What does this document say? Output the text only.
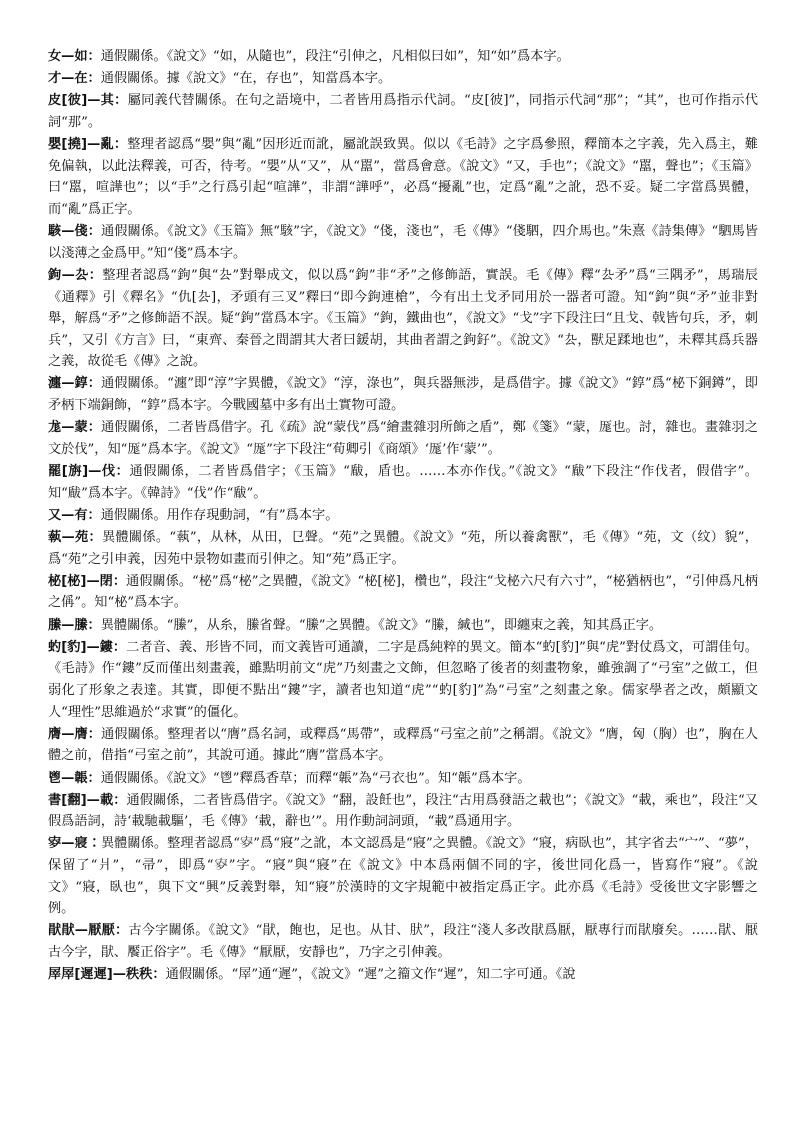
女—如：通假關係。《說文》“如，从隨也”，段注“引伸之，凡相似曰如”，知“如”爲本字。

才—在：通假關係。據《說文》“在，存也”，知當爲本字。

皮[彼]—其：屬同義代替關係。在句之語境中，二者皆用爲指示代詞。“皮[彼]”，同指示代詞“那”；“其”，也可作指示代詞“那”。

嬰[撓]—亂：整理者認爲“嬰”與“亂”因形近而訛，屬訛誤致異。似以《毛詩》之字爲參照，釋簡本之字義，先入爲主，難免偏執，以此法釋義，可否，待考。“嬰”从“又”，从“嚚”，當爲會意。《說文》“又，手也”；《說文》“嚚，聲也”；《玉篇》曰“嚚，喧譁也”；以“手”之行爲引起“喧譁”，非謂“譁呼”，必爲“擾亂”也，定爲“亂”之訛，恐不妥。疑二字當爲異體，而“亂”爲正字。

駭—俴：通假關係。《說文》《玉篇》無“駭”字，《說文》“俴，淺也”，毛《傳》“俴駟，四介馬也。”朱熹《詩集傳》“駟馬皆以淺薄之金爲甲。”知“俴”爲本字。

鉤—厹：整理者認爲“鉤”與“厹”對舉成文，似以爲“鉤”非“矛”之修飾語，實誤。毛《傳》釋“厹矛”爲“三隅矛”，馬瑞辰《通釋》引《釋名》“仇[厹]，矛頭有三叉”釋曰“即今鉤連槍”，今有出土戈矛同用於一器者可證。知“鉤”與“矛”並非對舉，解爲“矛”之修飾語不誤。疑“鉤”當爲本字。《玉篇》“鉤，鐵曲也”，《說文》“戈”字下段注曰“且戈、戟皆句兵，矛，刺兵”，又引《方言》曰，“東齊、秦晉之間謂其大者曰鍰胡，其曲者謂之鉤釨”。《說文》“厹，獸足蹂地也”，未釋其爲兵器之義，故從毛《傳》之說。

瀍—錞：通假關係。“瀍”即“淳”字異體，《說文》“淳，淥也”，與兵器無涉，是爲借字。據《說文》“錞”爲“柲下銅鐏”，即矛柄下端銅飾，“錞”爲本字。今戰國墓中多有出土實物可證。

尨—蒙：通假關係，二者皆爲借字。孔《疏》說“蒙伐”爲“繪畫雜羽所飾之盾”，鄭《箋》“蒙，厖也。討，雜也。畫雜羽之文於伐”，知“厖”爲本字。《說文》“厖”字下段注“荀卿引《商頌》‘厖’作‘蒙’”。

罷[旃]—伐：通假關係，二者皆爲借字；《玉篇》“瞂，盾也。……本亦作伐。”《說文》“瞂”下段注“作伐者，假借字”。知“瞂”爲本字。《韓詩》“伐”作“瞂”。

又—有：通假關係。用作存現動詞，“有”爲本字。

蓻—苑：異體關係。“蓻”，从林，从田，㔾聲。“苑”之異體。《說文》“苑，所以養禽獸”，毛《傳》“苑，文（纹）貌”，爲“苑”之引申義，因苑中景物如畫而引伸之。知“苑”爲正字。

柲[柲]—閉：通假關係。“柲”爲“柲”之異體，《說文》“柲[柲]，欑也”，段注“戈柲六尺有六寸”，“柲猶柄也”，“引伸爲凡柄之偁”。知“柲”爲本字。

縢—縢：異體關係。“縢”，从糸，縢省聲。“縢”之異體。《說文》“縢，緘也”，即纏束之義，知其爲正字。

虳[豹]—鏤：二者音、義、形皆不同，而文義皆可通讀，二字是爲純粹的異文。簡本“虳[豹]”與“虎”對仗爲文，可謂佳句。《毛詩》作“鏤”反而僅出刻畫義，雖點明前文“虎”乃刻畫之文飾，但忽略了後者的刻畫物象，雖強調了“弓室”之做工，但弱化了形象之表達。其實，即便不點出“鏤”字，讀者也知道“虎”“虳[豹]”為“弓室”之刻畫之象。儒家學者之改，頗顯文人“理性”思維過於“求實”的僵化。

膺—膺：通假關係。整理者以“膺”爲名詞，或釋爲“馬帶”，或釋爲“弓室之前”之稱謂。《說文》“膺，匈（胸）也”，胸在人體之前，借指“弓室之前”，其說可通。據此“膺”當爲本字。

鬯—韔：通假關係。《說文》“鬯”釋爲香草；而釋“韔”為“弓衣也”。知“韔”爲本字。

書[翻]—載：通假關係，二者皆爲借字。《說文》“翻，設飪也”，段注“古用爲發語之載也”；《說文》“載，乘也”，段注“又假爲語詞，詩‘載馳載驅’，毛《傳》‘載，辭也’”。用作動詞詞頭，“載”爲通用字。

𡨨—寢：異體關係。整理者認爲“𡨨”爲“寢”之訛，本文認爲是“寢”之異體。《說文》“寢，病臥也”，其字省去“宀”、“夢”，保留了“爿”，“帚”，即爲“𡨨”字。“寢”與“寢”在《說文》中本爲兩個不同的字，後世同化爲一，皆寫作“寢”。《說文》“寢，臥也”，與下文“興”反義對舉，知“寢”於漢時的文字規範中被指定爲正字。此亦爲《毛詩》受後世文字影響之例。

猒猒—厭厭：古今字關係。《說文》“猒，飽也，足也。从甘、肰”，段注“淺人多改猒爲厭，厭專行而猒廢矣。……猒、厭古今字，猒、饜正俗字”。毛《傳》“厭厭，安靜也”，乃字之引伸義。

屖屖[遲遲]—秩秩：通假關係。“屖”通“遲”，《說文》“遲”之籀文作“遲”，知二字可通。《說
